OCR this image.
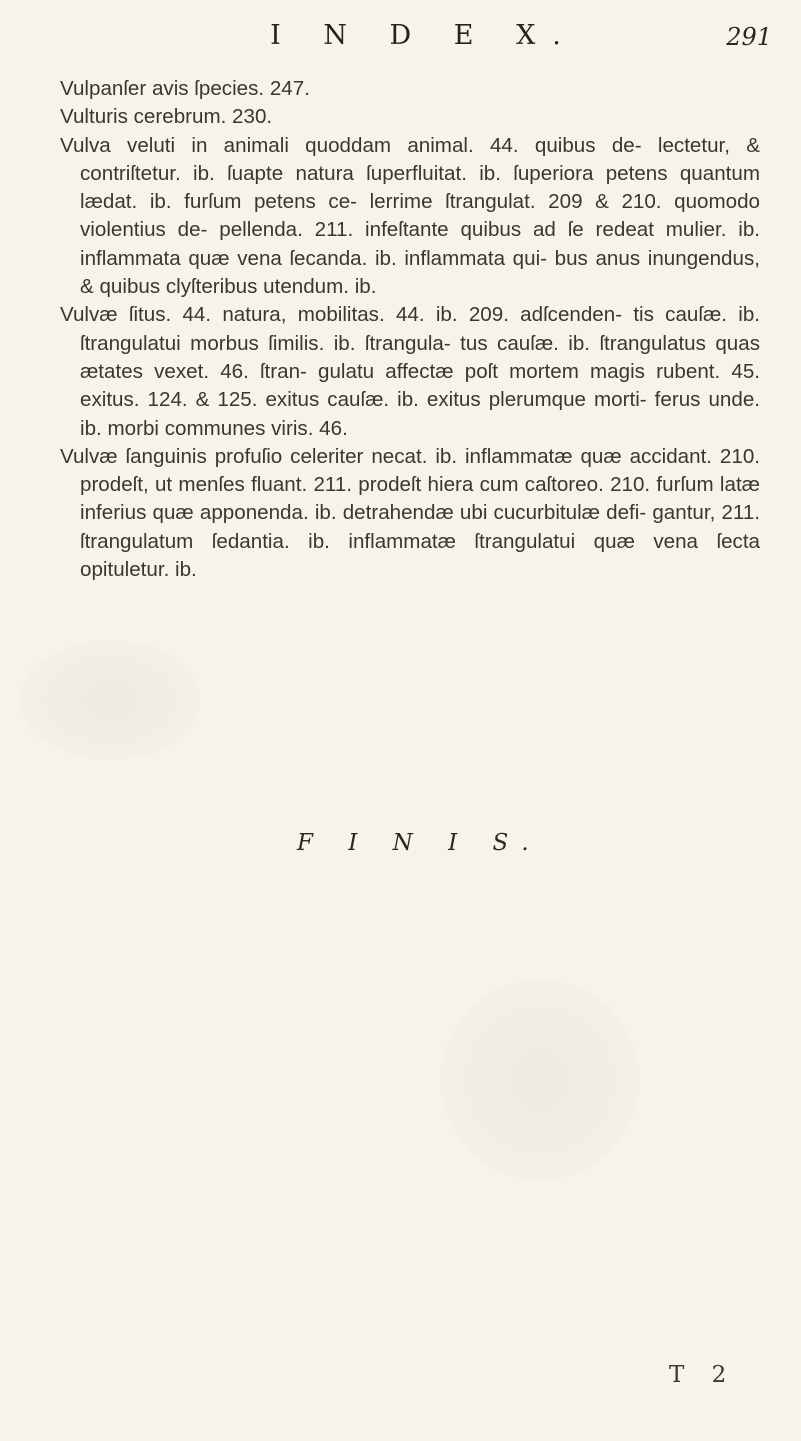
I N D E X.	291

Vulpanſer avis ſpecies. 247.

Vulturis cerebrum. 230.

Vulva veluti in animali quoddam animal. 44. quibus de- lectetur, & contriſtetur. ib. ſuapte natura ſuperfluitat. ib. ſuperiora petens quantum lædat. ib. furſum petens ce- lerrime ſtrangulat. 209 & 210. quomodo violentius de- pellenda. 211. infeſtante quibus ad ſe redeat mulier. ib. inflammata quæ vena ſecanda. ib. inflammata qui- bus anus inungendus, & quibus clyſteribus utendum. ib.

Vulvæ ſitus. 44. natura, mobilitas. 44. ib. 209. adſcenden- tis cauſæ. ib. ſtrangulatui morbus ſimilis. ib. ſtrangula- tus cauſæ. ib. ſtrangulatus quas ætates vexet. 46. ſtran- gulatu affectæ poſt mortem magis rubent. 45. exitus. 124. & 125. exitus cauſæ. ib. exitus plerumque morti- ferus unde. ib. morbi communes viris. 46.

Vulvæ ſanguinis profuſio celeriter necat. ib. inflammatæ quæ accidant. 210. prodeſt, ut menſes fluant. 211. prodeſt hiera cum caſtoreo. 210. furſum latæ inferius quæ apponenda. ib. detrahendæ ubi cucurbitulæ defi- gantur, 211. ſtrangulatum ſedantia. ib. inflammatæ ſtrangulatui quæ vena ſecta opituletur. ib.

F I N I S.
T 2
